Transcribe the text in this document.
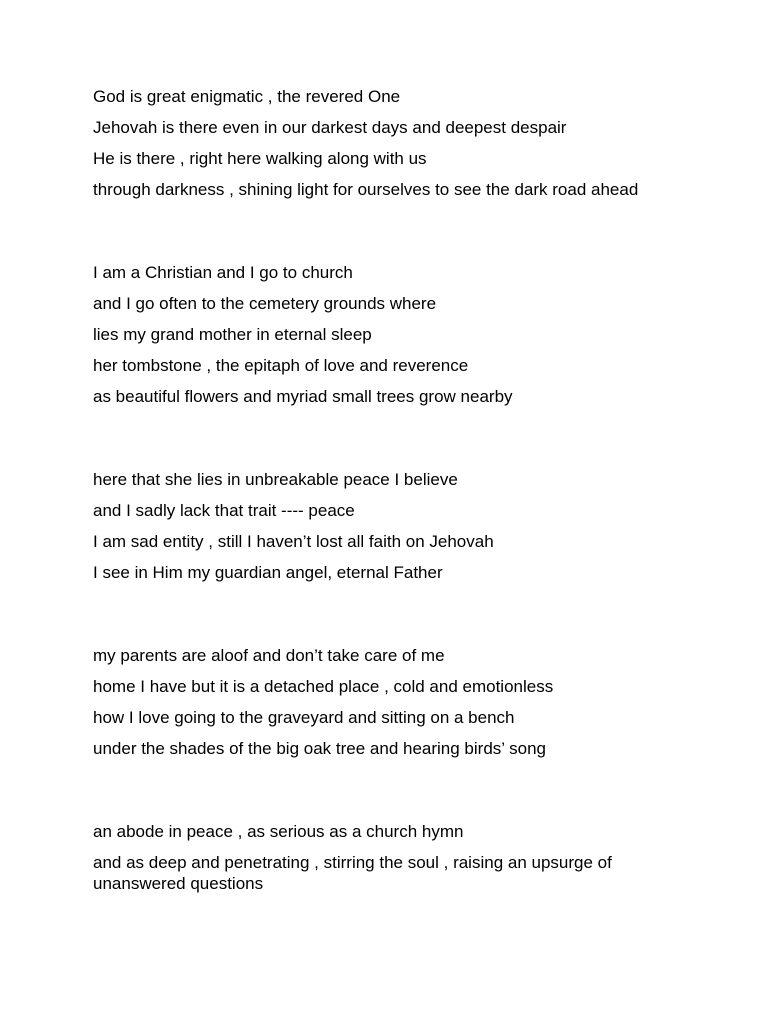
God is great enigmatic , the revered One

Jehovah is there even in our darkest days and deepest despair

He is there , right here walking along with us

through darkness , shining light for ourselves to see the dark road ahead

I am a Christian and I go to church

and I go often to the cemetery grounds where

lies my grand mother in eternal sleep

her tombstone , the epitaph of love and reverence

as beautiful flowers and myriad small trees grow nearby

here that she lies in unbreakable peace I believe

and I sadly lack that trait ---- peace

I am sad entity , still I haven’t lost all faith on Jehovah

I see in Him my guardian angel, eternal Father

my parents are aloof and don’t take care of me

home I have but it is a detached place , cold and emotionless

how I love going to the graveyard and sitting on a bench

under the shades of the big oak tree and hearing birds’ song

an abode in peace , as serious as a church hymn

and as deep and penetrating , stirring the soul , raising an upsurge of unanswered questions
